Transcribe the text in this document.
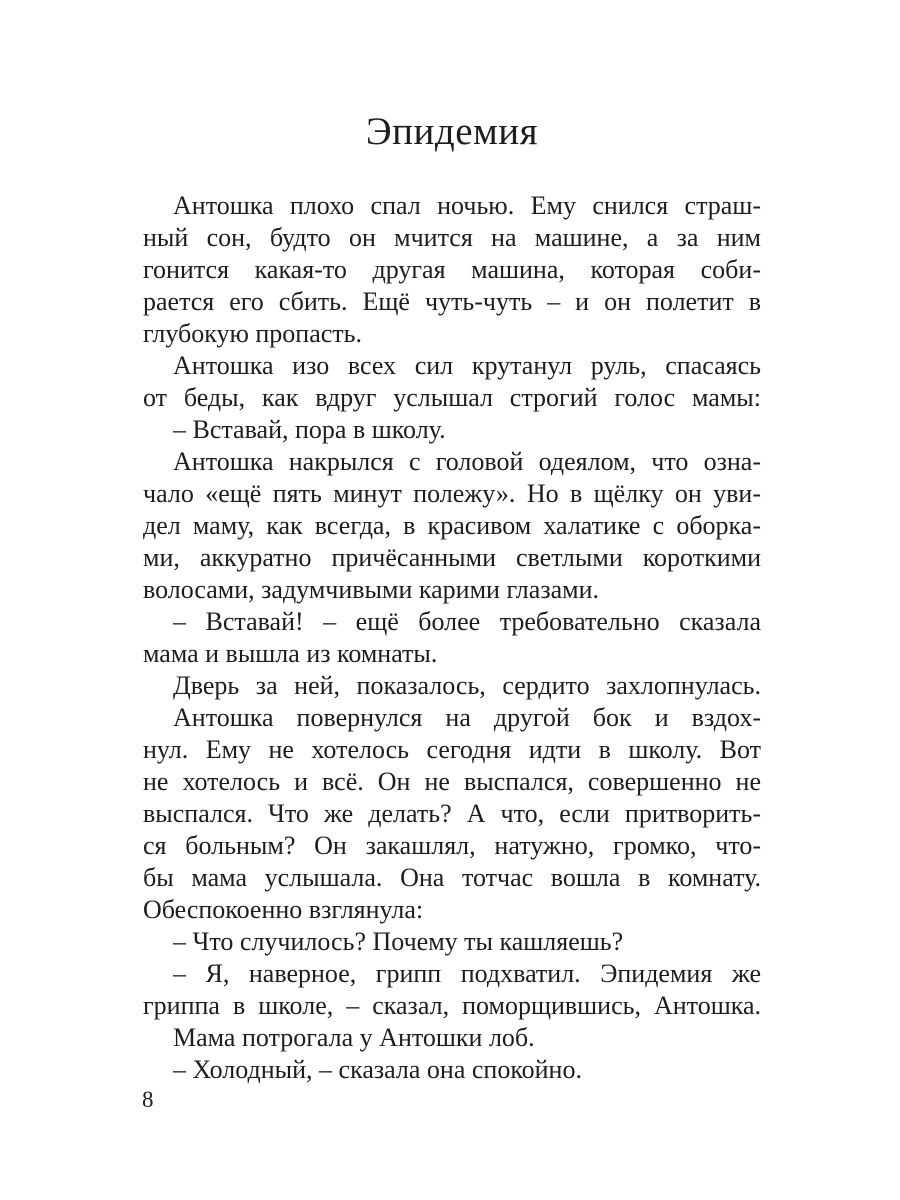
Эпидемия
Антошка плохо спал ночью. Ему снился страш-
ный сон, будто он мчится на машине, а за ним
гонится какая-то другая машина, которая соби-
рается его сбить. Ещё чуть-чуть – и он полетит в
глубокую пропасть.
Антошка изо всех сил крутанул руль, спасаясь
от беды, как вдруг услышал строгий голос мамы:
– Вставай, пора в школу.
Антошка накрылся с головой одеялом, что озна-
чало «ещё пять минут полежу». Но в щёлку он уви-
дел маму, как всегда, в красивом халатике с оборка-
ми, аккуратно причёсанными светлыми короткими
волосами, задумчивыми карими глазами.
– Вставай! – ещё более требовательно сказала
мама и вышла из комнаты.
Дверь за ней, показалось, сердито захлопнулась.
Антошка повернулся на другой бок и вздох-
нул. Ему не хотелось сегодня идти в школу. Вот
не хотелось и всё. Он не выспался, совершенно не
выспался. Что же делать? А что, если притворить-
ся больным? Он закашлял, натужно, громко, что-
бы мама услышала. Она тотчас вошла в комнату.
Обеспокоенно взглянула:
– Что случилось? Почему ты кашляешь?
– Я, наверное, грипп подхватил. Эпидемия же
гриппа в школе, – сказал, поморщившись, Антошка.
Мама потрогала у Антошки лоб.
– Холодный, – сказала она спокойно.
8
